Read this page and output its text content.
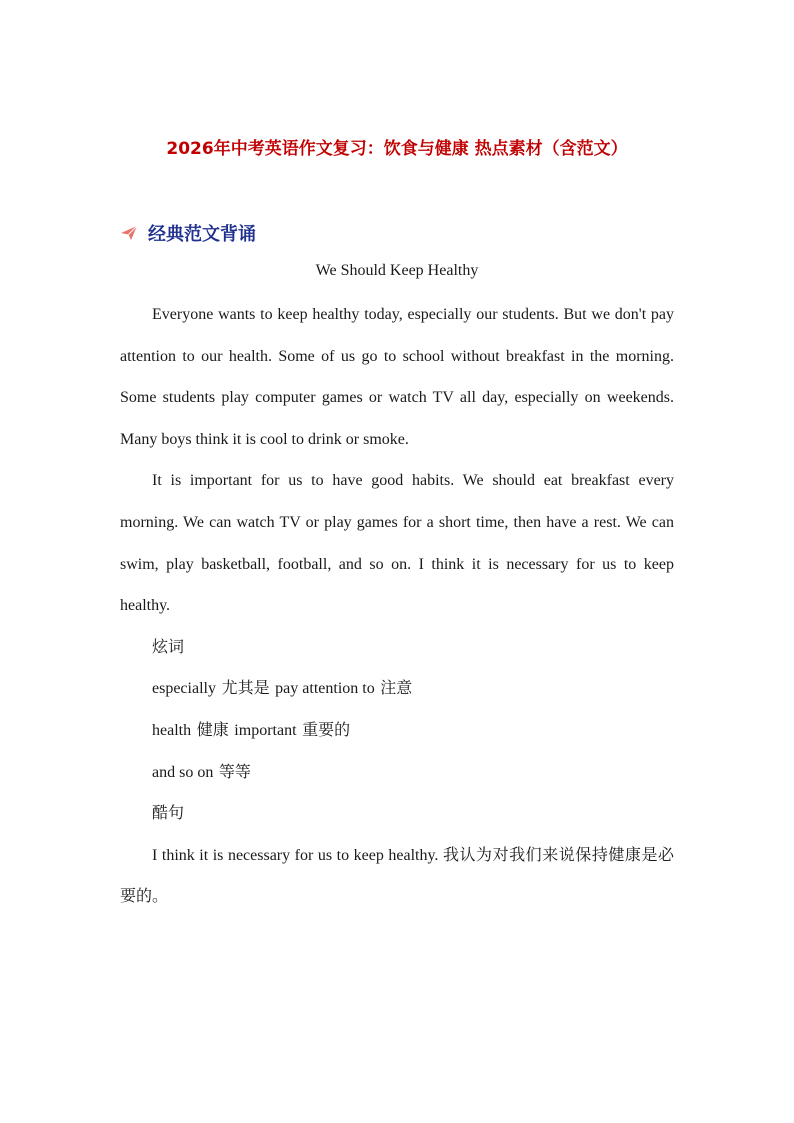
2026年中考英语作文复习：饮食与健康 热点素材（含范文）
经典范文背诵
We Should Keep Healthy

Everyone wants to keep healthy today, especially our students. But we don't pay attention to our health. Some of us go to school without breakfast in the morning. Some students play computer games or watch TV all day, especially on weekends. Many boys think it is cool to drink or smoke.

It is important for us to have good habits. We should eat breakfast every morning. We can watch TV or play games for a short time, then have a rest. We can swim, play basketball, football, and so on. I think it is necessary for us to keep healthy.

炫词
especially 尤其是 pay attention to 注意
health 健康 important 重要的
and so on 等等
酷句

I think it is necessary for us to keep healthy. 我认为对我们来说保持健康是必要的。
